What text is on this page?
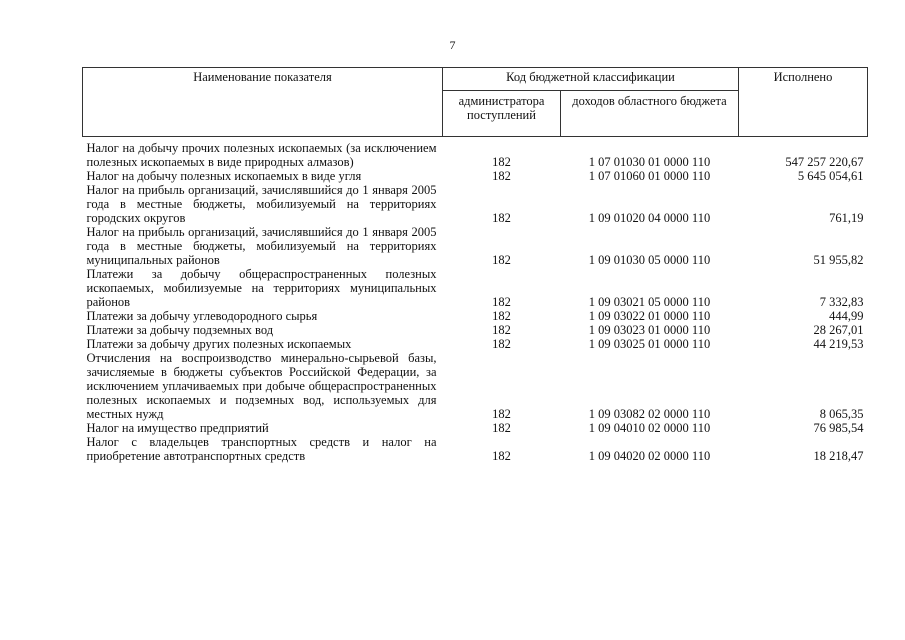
7
Наименование показателя	Код бюджетной классификации		Исполнено
	администратора поступлений	доходов областного бюджета	
Налог на добычу прочих полезных ископаемых (за исключением полезных ископаемых в виде природных алмазов)	182	1 07 01030 01 0000 110	547 257 220,67
Налог на добычу полезных ископаемых в виде угля	182	1 07 01060 01 0000 110	5 645 054,61
Налог на прибыль организаций, зачислявшийся до 1 января 2005 года в местные бюджеты, мобилизуемый на территориях городских округов	182	1 09 01020 04 0000 110	761,19
Налог на прибыль организаций, зачислявшийся до 1 января 2005 года в местные бюджеты, мобилизуемый на территориях муниципальных районов	182	1 09 01030 05 0000 110	51 955,82
Платежи за добычу общераспространенных полезных ископаемых, мобилизуемые на территориях муниципальных районов	182	1 09 03021 05 0000 110	7 332,83
Платежи за добычу углеводородного сырья	182	1 09 03022 01 0000 110	444,99
Платежи за добычу подземных вод	182	1 09 03023 01 0000 110	28 267,01
Платежи за добычу других полезных ископаемых	182	1 09 03025 01 0000 110	44 219,53
Отчисления на воспроизводство минерально-сырьевой базы, зачисляемые в бюджеты субъектов Российской Федерации, за исключением уплачиваемых при добыче общераспространенных полезных ископаемых и подземных вод, используемых для местных нужд	182	1 09 03082 02 0000 110	8 065,35
Налог на имущество предприятий	182	1 09 04010 02 0000 110	76 985,54
Налог с владельцев транспортных средств и налог на приобретение автотранспортных средств	182	1 09 04020 02 0000 110	18 218,47
